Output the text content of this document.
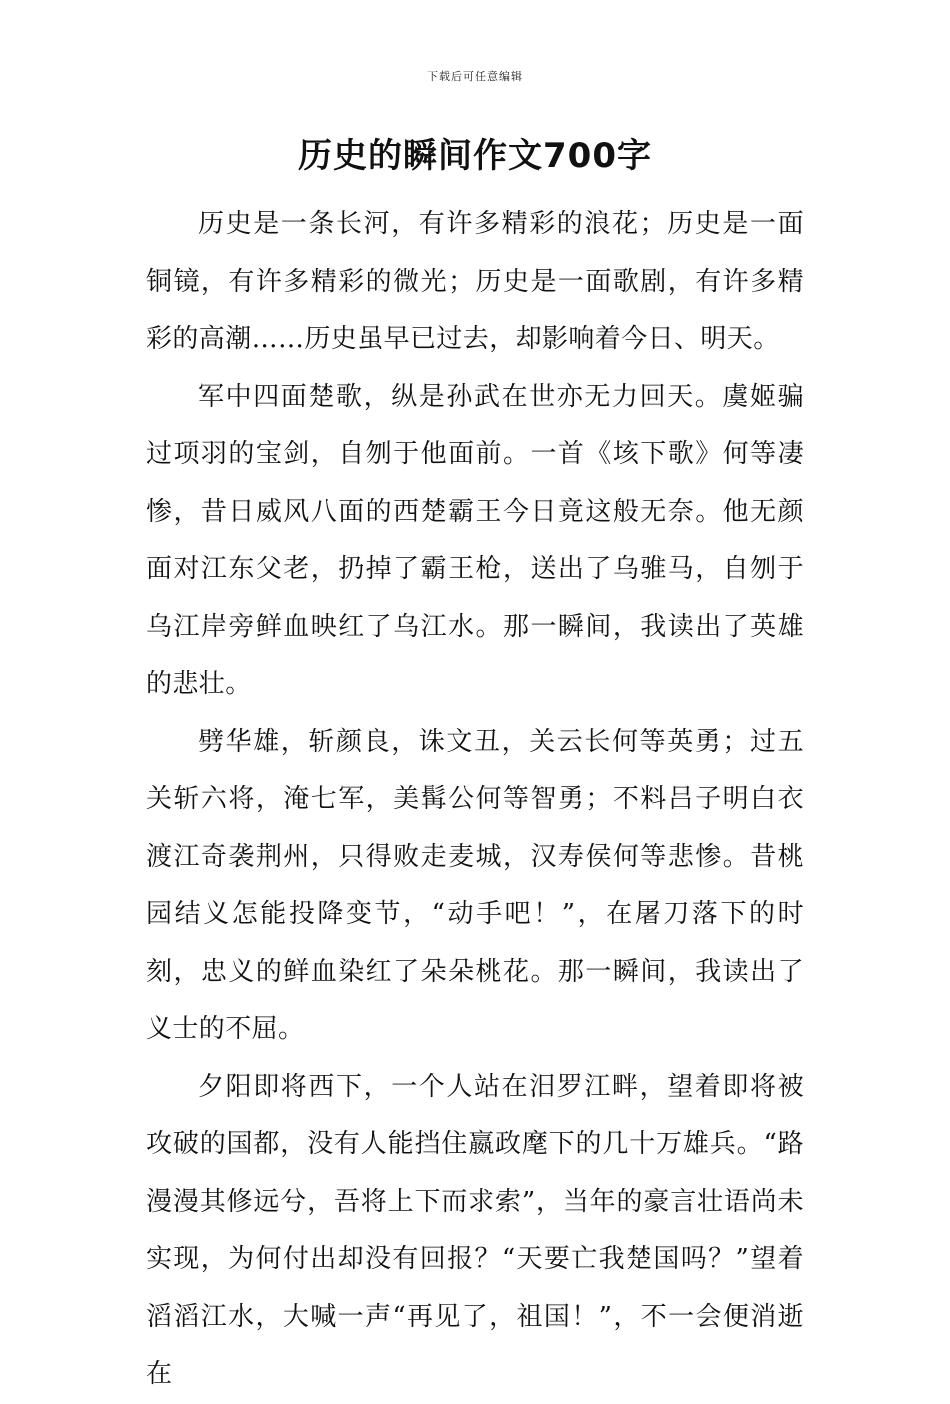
下载后可任意编辑
历史的瞬间作文700字

历史是一条长河，有许多精彩的浪花；历史是一面铜镜，有许多精彩的微光；历史是一面歌剧，有许多精彩的高潮……历史虽早已过去，却影响着今日、明天。

军中四面楚歌，纵是孙武在世亦无力回天。虞姬骗过项羽的宝剑，自刎于他面前。一首《垓下歌》何等凄惨，昔日威风八面的西楚霸王今日竟这般无奈。他无颜面对江东父老，扔掉了霸王枪，送出了乌骓马，自刎于乌江岸旁鲜血映红了乌江水。那一瞬间，我读出了英雄的悲壮。

劈华雄，斩颜良，诛文丑，关云长何等英勇；过五关斩六将，淹七军，美髯公何等智勇；不料吕子明白衣渡江奇袭荆州，只得败走麦城，汉寿侯何等悲惨。昔桃园结义怎能投降变节，“动手吧！”，在屠刀落下的时刻，忠义的鲜血染红了朵朵桃花。那一瞬间，我读出了义士的不屈。

夕阳即将西下，一个人站在汨罗江畔，望着即将被攻破的国都，没有人能挡住嬴政麾下的几十万雄兵。“路漫漫其修远兮，吾将上下而求索”，当年的豪言壮语尚未实现，为何付出却没有回报？“天要亡我楚国吗？”望着滔滔江水，大喊一声“再见了，祖国！”，不一会便消逝在
